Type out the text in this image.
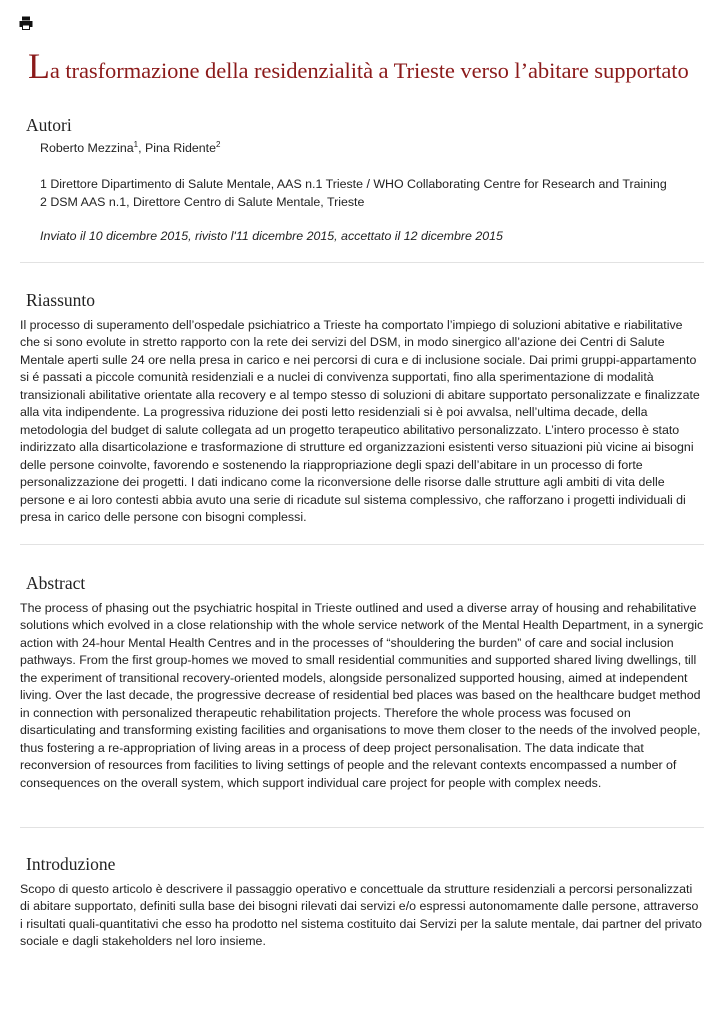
La trasformazione della residenzialità a Trieste verso l’abitare supportato
Autori
Roberto Mezzina$^1$, Pina Ridente$^2$
1 Direttore Dipartimento di Salute Mentale, AAS n.1 Trieste / WHO Collaborating Centre for Research and Training
2 DSM AAS n.1, Direttore Centro di Salute Mentale, Trieste
Inviato il 10 dicembre 2015, rivisto l'11 dicembre 2015, accettato il 12 dicembre 2015
Riassunto

Il processo di superamento dell’ospedale psichiatrico a Trieste ha comportato l’impiego di soluzioni abitative e riabilitative che si sono evolute in stretto rapporto con la rete dei servizi del DSM, in modo sinergico all’azione dei Centri di Salute Mentale aperti sulle 24 ore nella presa in carico e nei percorsi di cura e di inclusione sociale. Dai primi gruppi-appartamento si é passati a piccole comunità residenziali e a nuclei di convivenza supportati, fino alla sperimentazione di modalità transizionali abilitative orientate alla recovery e al tempo stesso di soluzioni di abitare supportato personalizzate e finalizzate alla vita indipendente. La progressiva riduzione dei posti letto residenziali si è poi avvalsa, nell’ultima decade, della metodologia del budget di salute collegata ad un progetto terapeutico abilitativo personalizzato. L’intero processo è stato indirizzato alla disarticolazione e trasformazione di strutture ed organizzazioni esistenti verso situazioni più vicine ai bisogni delle persone coinvolte, favorendo e sostenendo la riappropriazione degli spazi dell’abitare in un processo di forte personalizzazione dei progetti. I dati indicano come la riconversione delle risorse dalle strutture agli ambiti di vita delle persone e ai loro contesti abbia avuto una serie di ricadute sul sistema complessivo, che rafforzano i progetti individuali di presa in carico delle persone con bisogni complessi.

Abstract

The process of phasing out the psychiatric hospital in Trieste outlined and used a diverse array of housing and rehabilitative solutions which evolved in a close relationship with the whole service network of the Mental Health Department, in a synergic action with 24-hour Mental Health Centres and in the processes of “shouldering the burden” of care and social inclusion pathways. From the first group-homes we moved to small residential communities and supported shared living dwellings, till the experiment of transitional recovery-oriented models, alongside personalized supported housing, aimed at independent living. Over the last decade, the progressive decrease of residential bed places was based on the healthcare budget method in connection with personalized therapeutic rehabilitation projects. Therefore the whole process was focused on disarticulating and transforming existing facilities and organisations to move them closer to the needs of the involved people, thus fostering a re-appropriation of living areas in a process of deep project personalisation. The data indicate that reconversion of resources from facilities to living settings of people and the relevant contexts encompassed a number of consequences on the overall system, which support individual care project for people with complex needs.

Introduzione

Scopo di questo articolo è descrivere il passaggio operativo e concettuale da strutture residenziali a percorsi personalizzati di abitare supportato, definiti sulla base dei bisogni rilevati dai servizi e/o espressi autonomamente dalle persone, attraverso i risultati quali-quantitativi che esso ha prodotto nel sistema costituito dai Servizi per la salute mentale, dai partner del privato sociale e dagli stakeholders nel loro insieme.
